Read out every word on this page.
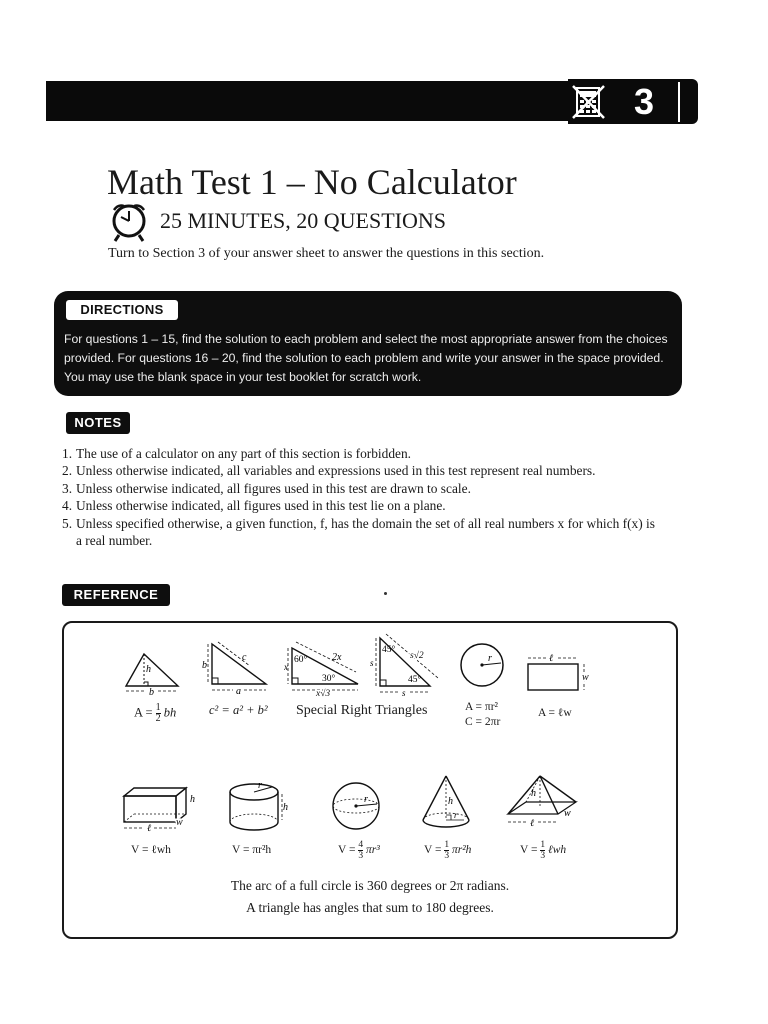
3
Math Test 1 – No Calculator
25 MINUTES, 20 QUESTIONS
Turn to Section 3 of your answer sheet to answer the questions in this section.
DIRECTIONS
For questions 1 – 15, find the solution to each problem and select the most appropriate answer from the choices provided. For questions 16 – 20, find the solution to each problem and write your answer in the space provided. You may use the blank space in your test booklet for scratch work.
NOTES
1. The use of a calculator on any part of this section is forbidden.
2. Unless otherwise indicated, all variables and expressions used in this test represent real numbers.
3. Unless otherwise indicated, all figures used in this test are drawn to scale.
4. Unless otherwise indicated, all figures used in this test lie on a plane.
5. Unless specified otherwise, a given function, f, has the domain the set of all real numbers x for which f(x) is a real number.
REFERENCE
h
b
$A = \frac{1}{2}$ bh
b
c
a
c² = a² + b²
60°
30°
x
2x
x√3
45°
45°
s
s√2
s
Special Right Triangles
r
A = πr²
C = 2πr
ℓ
w
A = ℓw
h
ℓ
w
V = ℓwh
r
h
V = πr²h
r
$V = \frac{4}{3} \pi r^3$
h
r
$V = \frac{1}{3} \pi r^2h$
h
ℓ
w
$V = \frac{1}{3}$ ℓwh
The arc of a full circle is 360 degrees or 2π radians.
A triangle has angles that sum to 180 degrees.
